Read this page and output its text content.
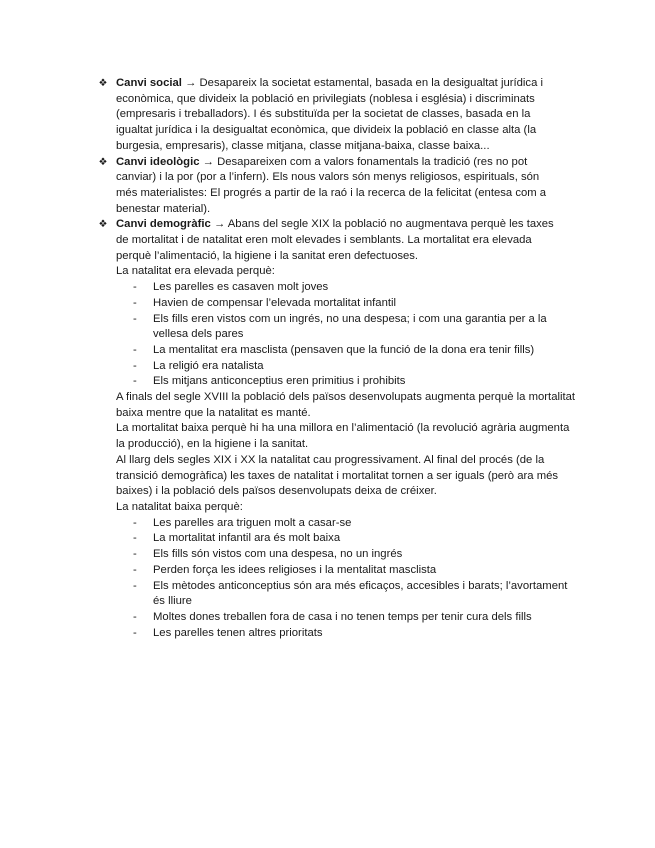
❖ Canvi social → Desapareix la societat estamental, basada en la desigualtat jurídica i econòmica, que divideix la població en privilegiats (noblesa i església) i discriminats (empresaris i treballadors). I és substituïda per la societat de classes, basada en la igualtat jurídica i la desigualtat econòmica, que divideix la població en classe alta (la burgesia, empresaris), classe mitjana, classe mitjana-baixa, classe baixa...
❖ Canvi ideològic → Desapareixen com a valors fonamentals la tradició (res no pot canviar) i la por (por a l’infern). Els nous valors són menys religiosos, espirituals, són més materialistes: El progrés a partir de la raó i la recerca de la felicitat (entesa com a benestar material).
❖ Canvi demogràfic → Abans del segle XIX la població no augmentava perquè les taxes de mortalitat i de natalitat eren molt elevades i semblants. La mortalitat era elevada perquè l’alimentació, la higiene i la sanitat eren defectuoses.
La natalitat era elevada perquè:
- Les parelles es casaven molt joves
- Havien de compensar l’elevada mortalitat infantil
- Els fills eren vistos com un ingrés, no una despesa; i com una garantia per a la vellesa dels pares
- La mentalitat era masclista (pensaven que la funció de la dona era tenir fills)
- La religió era natalista
- Els mitjans anticonceptius eren primitius i prohibits
A finals del segle XVIII la població dels països desenvolupats augmenta perquè la mortalitat baixa mentre que la natalitat es manté.
La mortalitat baixa perquè hi ha una millora en l’alimentació (la revolució agrària augmenta la producció), en la higiene i la sanitat.
Al llarg dels segles XIX i XX la natalitat cau progressivament. Al final del procés (de la transició demogràfica) les taxes de natalitat i mortalitat tornen a ser iguals (però ara més baixes) i la població dels països desenvolupats deixa de créixer.
La natalitat baixa perquè:
- Les parelles ara triguen molt a casar-se
- La mortalitat infantil ara és molt baixa
- Els fills són vistos com una despesa, no un ingrés
- Perden força les idees religioses i la mentalitat masclista
- Els mètodes anticonceptius són ara més eficaços, accesibles i barats; l’avortament és lliure
- Moltes dones treballen fora de casa i no tenen temps per tenir cura dels fills
- Les parelles tenen altres prioritats
